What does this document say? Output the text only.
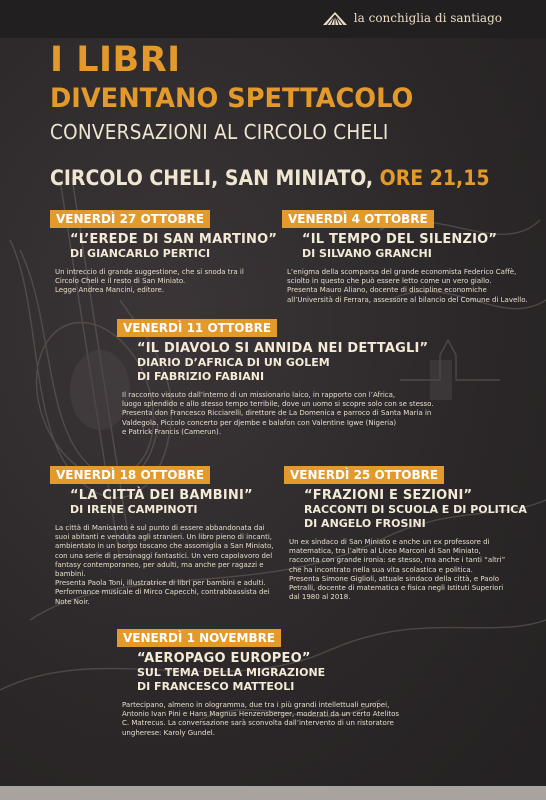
la conchiglia di santiago
I LIBRI
DIVENTANO SPETTACOLO
CONVERSAZIONI AL CIRCOLO CHELI
CIRCOLO CHELI, SAN MINIATO, ORE 21,15
VENERDÌ 27 OTTOBRE
“L’EREDE DI SAN MARTINO”
DI GIANCARLO PERTICI

Un intreccio di grande suggestione, che si snoda tra il

Circolo Cheli e il resto di San Miniato.

Legge Andrea Mancini, editore.

VENERDÌ 4 OTTOBRE
“IL TEMPO DEL SILENZIO”
DI SILVANO GRANCHI

L’enigma della scomparsa del grande economista Federico Caffè,

sciolto in questo che può essere letto come un vero giallo.

Presenta Mauro Aliano, docente di discipline economiche

all’Università di Ferrara, assessore al bilancio del Comune di Lavello.

VENERDÌ 11 OTTOBRE
“IL DIAVOLO SI ANNIDA NEI DETTAGLI”
DIARIO D’AFRICA DI UN GOLEM
DI FABRIZIO FABIANI

Il racconto vissuto dall’interno di un missionario laico, in rapporto con l’Africa,

luogo splendido e allo stesso tempo terribile, dove un uomo si scopre solo con se stesso.

Presenta don Francesco Ricciarelli, direttore de La Domenica e parroco di Santa Maria in

Valdegola. Piccolo concerto per djembe e balafon con Valentine Igwe (Nigeria)

e Patrick Francis (Camerun).

VENERDÌ 18 OTTOBRE
“LA CITTÀ DEI BAMBINI”
DI IRENE CAMPINOTI

La città di Manisanto è sul punto di essere abbandonata dai

suoi abitanti e venduta agli stranieri. Un libro pieno di incanti,

ambientato in un borgo toscano che assomiglia a San Miniato,

con una serie di personaggi fantastici. Un vero capolavoro del

fantasy contemporaneo, per adulti, ma anche per ragazzi e

bambini.

Presenta Paola Toni, illustratrice di libri per bambini e adulti.

Performance musicale di Mirco Capecchi, contrabbassista dei

Note Noir.

VENERDÌ 25 OTTOBRE
“FRAZIONI E SEZIONI”
RACCONTI DI SCUOLA E DI POLITICA
DI ANGELO FROSINI

Un ex sindaco di San Miniato e anche un ex professore di

matematica, tra l’altro al Liceo Marconi di San Miniato,

racconta con grande ironia: se stesso, ma anche i tanti “altri”

che ha incontrato nella sua vita scolastica e politica.

Presenta Simone Giglioli, attuale sindaco della città, e Paolo

Petralli, docente di matematica e fisica negli Istituti Superiori

dal 1980 al 2018.

VENERDÌ 1 NOVEMBRE
“AEROPAGO EUROPEO”
SUL TEMA DELLA MIGRAZIONE
DI FRANCESCO MATTEOLI

Partecipano, almeno in ologramma, due tra i più grandi intellettuali europei,

Antonio Ivan Pini e Hans Magnus Henzensberger, moderati da un certo Atelitos

C. Matrecus. La conversazione sarà sconvolta dall’intervento di un ristoratore

ungherese: Karoly Gundel.
